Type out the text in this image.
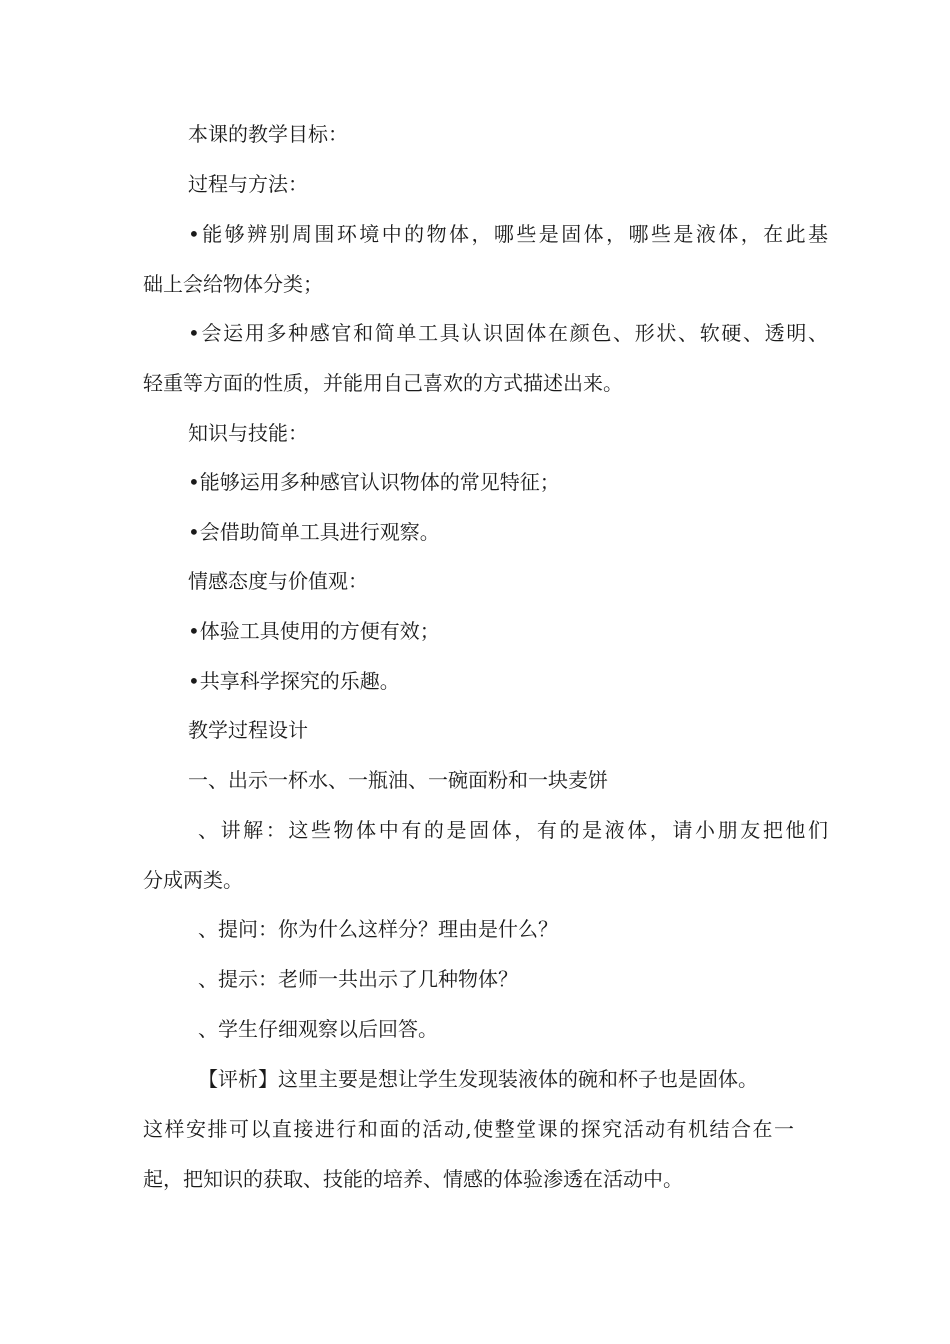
本课的教学目标：
过程与方法：
•能够辨别周围环境中的物体，哪些是固体，哪些是液体，在此基
础上会给物体分类；
•会运用多种感官和简单工具认识固体在颜色、形状、软硬、透明、
轻重等方面的性质，并能用自己喜欢的方式描述出来。
知识与技能：
•能够运用多种感官认识物体的常见特征；
•会借助简单工具进行观察。
情感态度与价值观：
•体验工具使用的方便有效；
•共享科学探究的乐趣。
教学过程设计
一、出示一杯水、一瓶油、一碗面粉和一块麦饼
、讲解：这些物体中有的是固体，有的是液体，请小朋友把他们
分成两类。
、提问：你为什么这样分？理由是什么？
、提示：老师一共出示了几种物体？
、学生仔细观察以后回答。
【评析】这里主要是想让学生发现装液体的碗和杯子也是固体。
这样安排可以直接进行和面的活动,使整堂课的探究活动有机结合在一
起，把知识的获取、技能的培养、情感的体验渗透在活动中。
